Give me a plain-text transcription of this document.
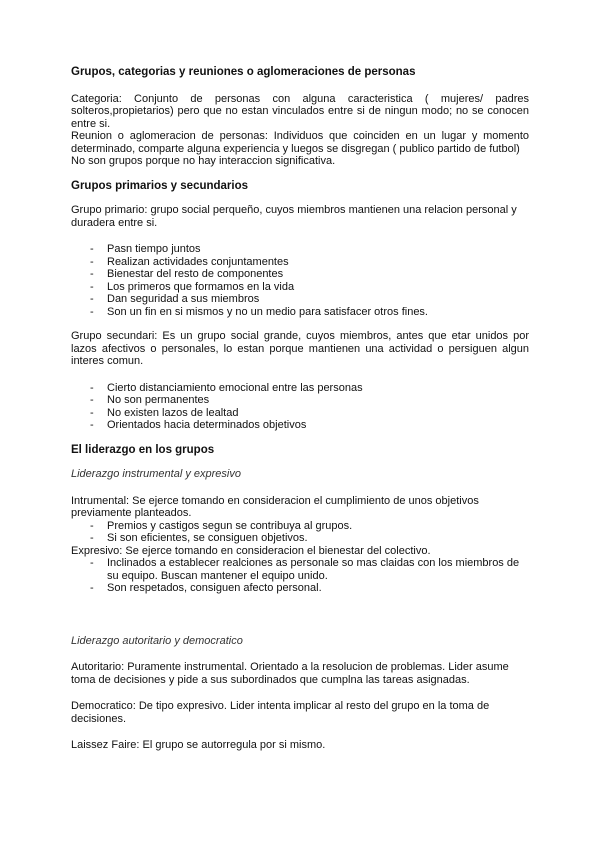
Grupos, categorias y reuniones o aglomeraciones de personas

Categoria: Conjunto de personas con alguna caracteristica ( mujeres/ padres solteros,propietarios) pero que no estan vinculados entre si de ningun modo; no se conocen entre si.

Reunion o aglomeracion de personas: Individuos que coinciden en un lugar y momento determinado, comparte alguna experiencia y luegos se disgregan ( publico partido de futbol)

No son grupos porque no hay interaccion significativa.

Grupos primarios y secundarios

Grupo primario: grupo social perqueño, cuyos miembros mantienen una relacion personal y duradera entre si.

- Pasn tiempo juntos
- Realizan actividades conjuntamentes
- Bienestar del resto de componentes
- Los primeros que formamos en la vida
- Dan seguridad a sus miembros
- Son un fin en si mismos y no un medio para satisfacer otros fines.

Grupo secundari: Es un grupo social grande, cuyos miembros, antes que etar unidos por lazos afectivos o personales, lo estan porque mantienen una actividad o persiguen algun interes comun.

- Cierto distanciamiento emocional entre las personas
- No son permanentes
- No existen lazos de lealtad
- Orientados hacia determinados objetivos

El liderazgo en los grupos

Liderazgo instrumental y expresivo

Intrumental: Se ejerce tomando en consideracion el cumplimiento de unos objetivos previamente planteados.

- Premios y castigos segun se contribuya al grupos.
- Si son eficientes, se consiguen objetivos.

Expresivo: Se ejerce tomando en consideracion el bienestar del colectivo.

- Inclinados a establecer realciones as personale so mas claidas con los miembros de su equipo. Buscan mantener el equipo unido.
- Son respetados, consiguen afecto personal.

Liderazgo autoritario y democratico

Autoritario: Puramente instrumental. Orientado a la resolucion de problemas. Lider asume toma de decisiones y pide a sus subordinados que cumplna las tareas asignadas.

Democratico: De tipo expresivo. Lider intenta implicar al resto del grupo en la toma de decisiones.

Laissez Faire: El grupo se autorregula por si mismo.
